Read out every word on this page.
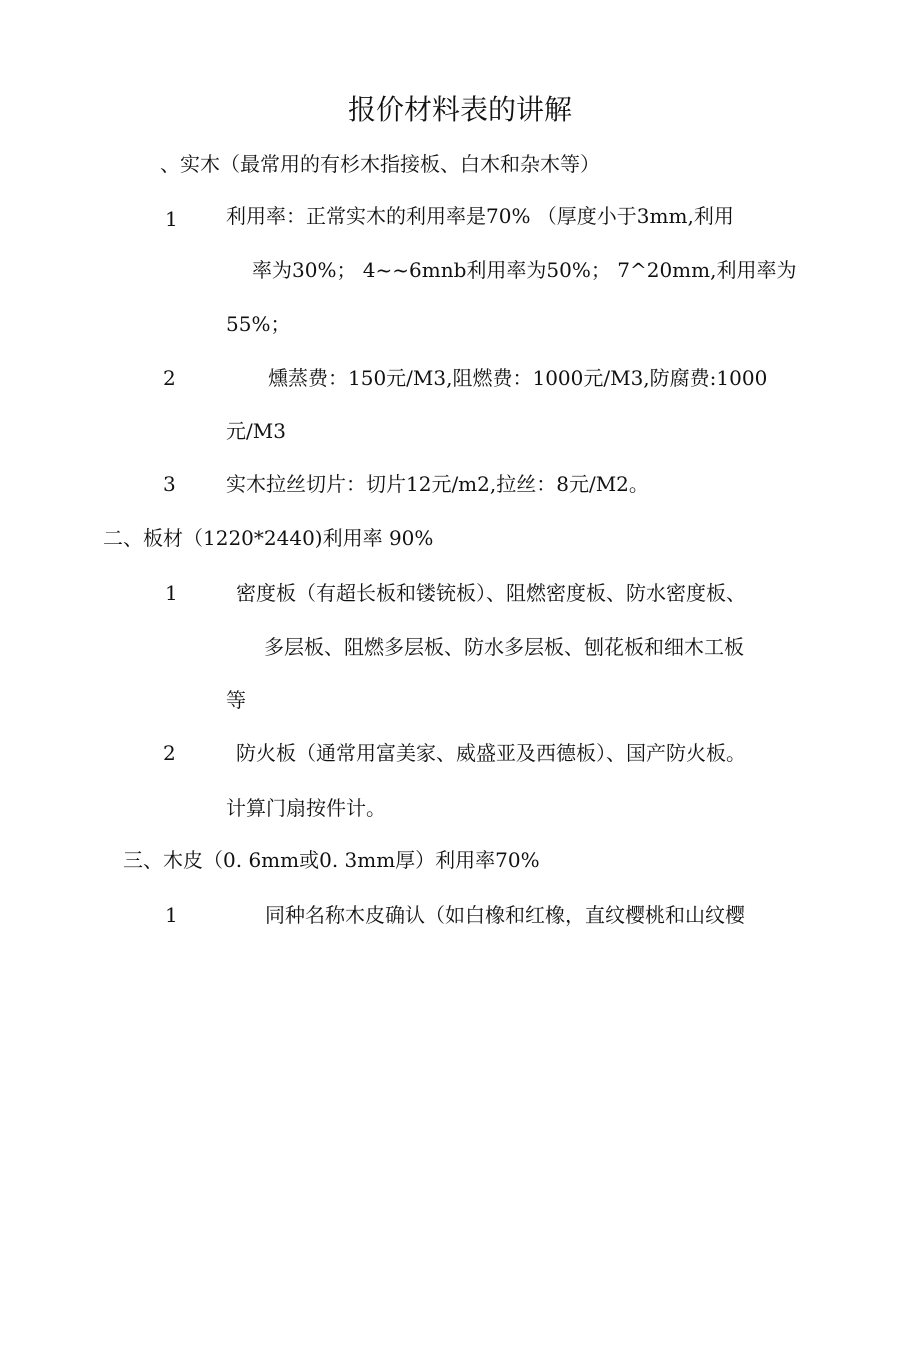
报价材料表的讲解
、实木（最常用的有杉木指接板、白木和杂木等）
1 利用率：正常实木的利用率是70% （厚度小于3mm,利用
率为30%； 4~~6mnb利用率为50%； 7^20mm,利用率为
55%；
2	燻蒸费：150元/M3,阻燃费：1000元/M3,防腐费:1000
元/M3
3	实木拉丝切片：切片12元/m2,拉丝：8元/M2。
二、板材（1220*2440)利用率 90%
1	密度板（有超长板和镂铳板）、阻燃密度板、防水密度板、
多层板、阻燃多层板、防水多层板、刨花板和细木工板
等
2	防火板（通常用富美家、威盛亚及西德板）、国产防火板。
计算门扇按件计。
三、木皮（0. 6mm或0. 3mm厚）利用率70%
1	同种名称木皮确认（如白橡和红橡，直纹樱桃和山纹樱
